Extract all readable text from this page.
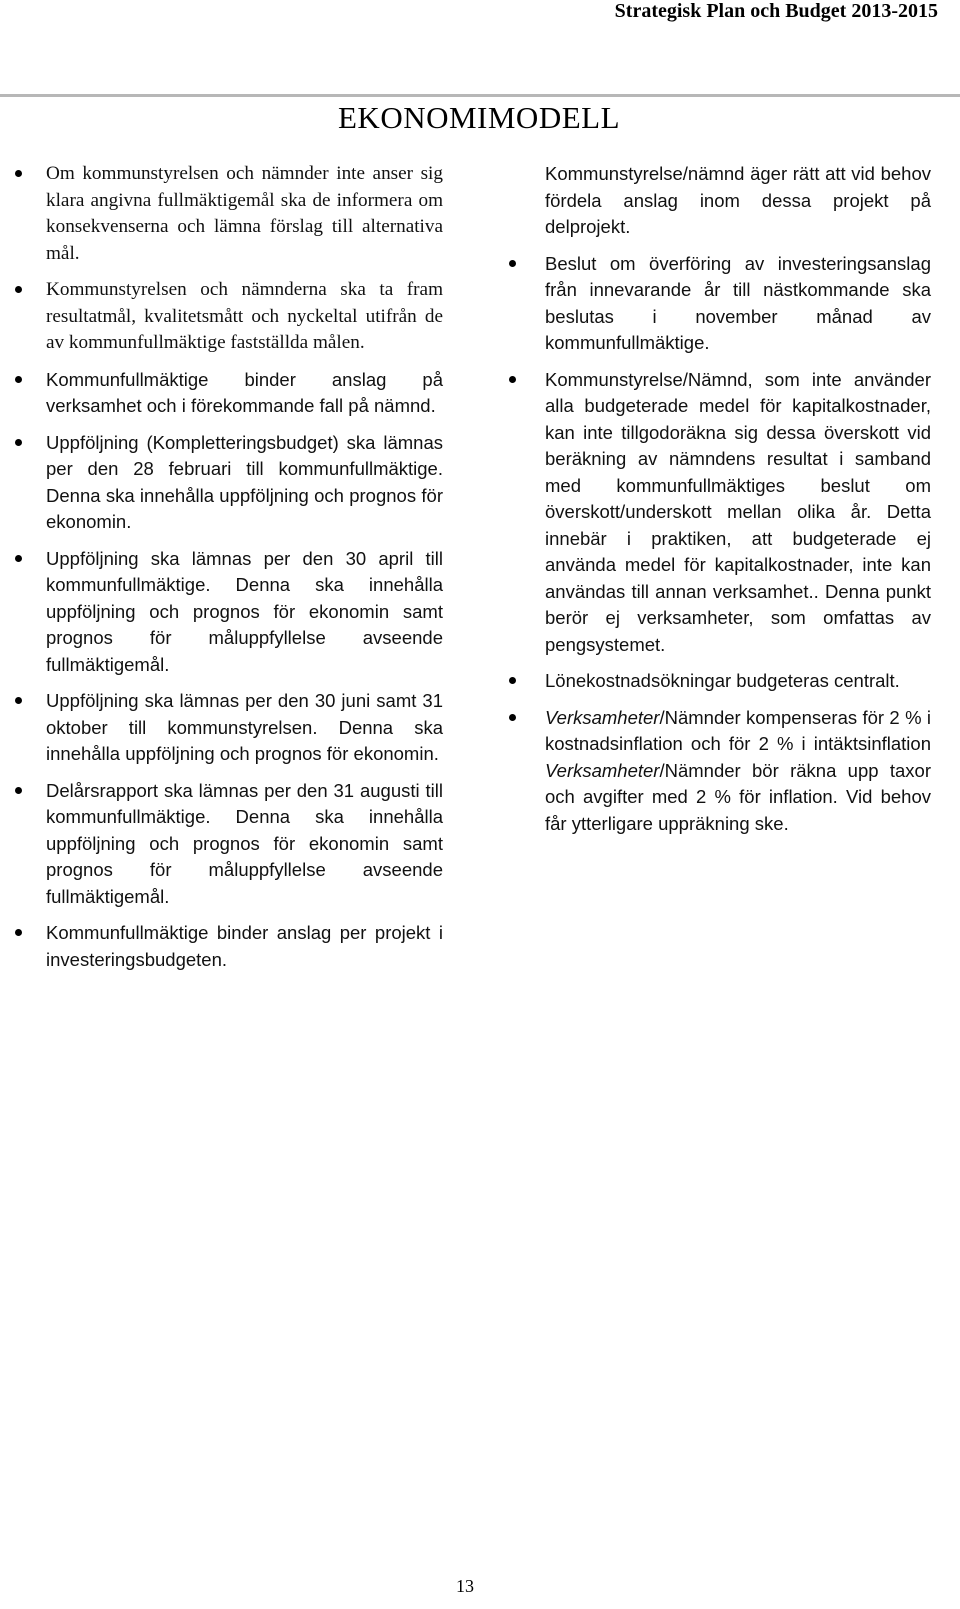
Strategisk Plan och Budget 2013-2015
EKONOMIMODELL
Om kommunstyrelsen och nämnder inte anser sig klara angivna fullmäktigemål ska de informera om konsekvenserna och lämna förslag till alternativa mål.
Kommunstyrelsen och nämnderna ska ta fram resultatmål, kvalitetsmått och nyckeltal utifrån de av kommunfullmäktige fastställda målen.
Kommunfullmäktige binder anslag på verksamhet och i förekommande fall på nämnd.
Uppföljning (Kompletteringsbudget) ska lämnas per den 28 februari till kommunfullmäktige. Denna ska innehålla uppföljning och prognos för ekonomin.
Uppföljning ska lämnas per den 30 april till kommunfullmäktige. Denna ska innehålla uppföljning och prognos för ekonomin samt prognos för måluppfyllelse avseende fullmäktigemål.
Uppföljning ska lämnas per den 30 juni samt 31 oktober till kommunstyrelsen. Denna ska innehålla uppföljning och prognos för ekonomin.
Delårsrapport ska lämnas per den 31 augusti till kommunfullmäktige. Denna ska innehålla uppföljning och prognos för ekonomin samt prognos för måluppfyllelse avseende fullmäktigemål.
Kommunfullmäktige binder anslag per projekt i investeringsbudgeten.
Kommunstyrelse/nämnd äger rätt att vid behov fördela anslag inom dessa projekt på delprojekt.
Beslut om överföring av investeringsanslag från innevarande år till nästkommande ska beslutas i november månad av kommunfullmäktige.
Kommunstyrelse/Nämnd, som inte använder alla budgeterade medel för kapitalkostnader, kan inte tillgodoräkna sig dessa överskott vid beräkning av nämndens resultat i samband med kommunfullmäktiges beslut om överskott/underskott mellan olika år. Detta innebär i praktiken, att budgeterade ej använda medel för kapitalkostnader, inte kan användas till annan verksamhet.. Denna punkt berör ej verksamheter, som omfattas av pengsystemet.
Lönekostnadsökningar budgeteras centralt.
Verksamheter/Nämnder kompenseras för 2 % i kostnadsinflation och för 2 % i intäktsinflation Verksamheter/Nämnder bör räkna upp taxor och avgifter med 2 % för inflation. Vid behov får ytterligare uppräkning ske.
13
